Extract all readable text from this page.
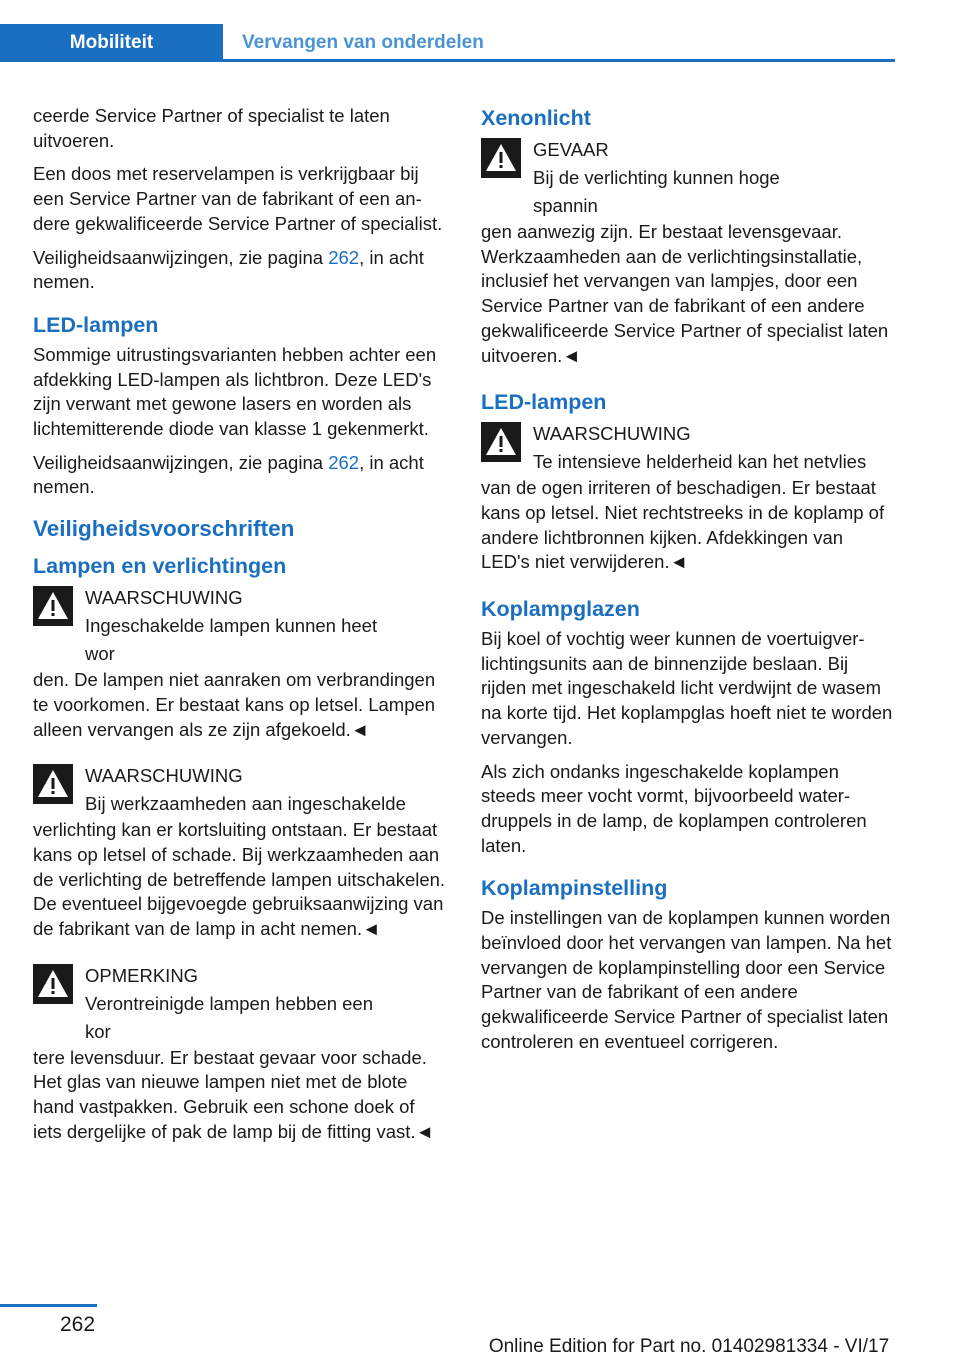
Mobiliteit	Vervangen van onderdelen

ceerde Service Partner of specialist te laten uitvoeren.

Een doos met reservelampen is verkrijgbaar bij een Service Partner van de fabrikant of een andere gekwalificeerde Service Partner of specialist.

Veiligheidsaanwijzingen, zie pagina 262, in acht nemen.

LED-lampen

Sommige uitrustingsvarianten hebben achter een afdekking LED-lampen als lichtbron. Deze LED's zijn verwant met gewone lasers en worden als lichtemitterende diode van klasse 1 gekenmerkt.

Veiligheidsaanwijzingen, zie pagina 262, in acht nemen.

Veiligheidsvoorschriften
Lampen en verlichtingen
WAARSCHUWING
Ingeschakelde lampen kunnen heet wor

den. De lampen niet aanraken om verbrandingen te voorkomen. Er bestaat kans op letsel. Lampen alleen vervangen als ze zijn afgekoeld.◄

WAARSCHUWING
Bij werkzaamheden aan ingeschakelde

verlichting kan er kortsluiting ontstaan. Er bestaat kans op letsel of schade. Bij werkzaamheden aan de verlichting de betreffende lampen uitschakelen. De eventueel bijgevoegde gebruiksaanwijzing van de fabrikant van de lamp in acht nemen.◄

OPMERKING
Verontreinigde lampen hebben een kor

tere levensduur. Er bestaat gevaar voor schade. Het glas van nieuwe lampen niet met de blote hand vastpakken. Gebruik een schone doek of iets dergelijke of pak de lamp bij de fitting vast.◄

Xenonlicht
GEVAAR
Bij de verlichting kunnen hoge spannin

gen aanwezig zijn. Er bestaat levensgevaar. Werkzaamheden aan de verlichtingsinstallatie, inclusief het vervangen van lampjes, door een Service Partner van de fabrikant of een andere gekwalificeerde Service Partner of specialist laten uitvoeren.◄

LED-lampen
WAARSCHUWING
Te intensieve helderheid kan het netvlies

van de ogen irriteren of beschadigen. Er bestaat kans op letsel. Niet rechtstreeks in de koplamp of andere lichtbronnen kijken. Afdekkingen van LED's niet verwijderen.◄

Koplampglazen

Bij koel of vochtig weer kunnen de voertuigverlichtingsunits aan de binnenzijde beslaan. Bij rijden met ingeschakeld licht verdwijnt de wasem na korte tijd. Het koplampglas hoeft niet te worden vervangen.

Als zich ondanks ingeschakelde koplampen steeds meer vocht vormt, bijvoorbeeld waterdruppels in de lamp, de koplampen controleren laten.

Koplampinstelling

De instellingen van de koplampen kunnen worden beïnvloed door het vervangen van lampen. Na het vervangen de koplampinstelling door een Service Partner van de fabrikant of een andere gekwalificeerde Service Partner of specialist laten controleren en eventueel corrigeren.

262
Online Edition for Part no. 01402981334 - VI/17
